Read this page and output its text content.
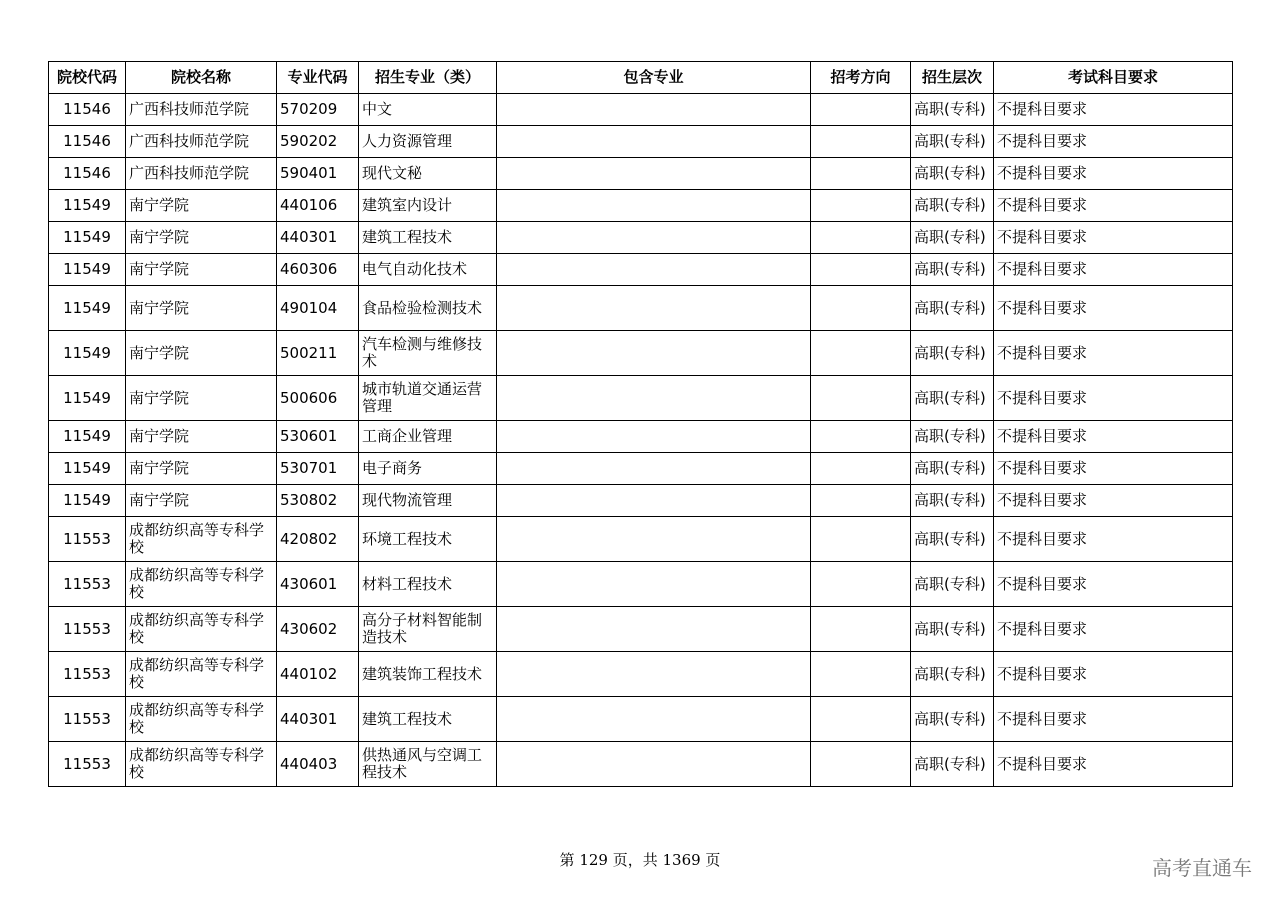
院校代码	院校名称	专业代码	招生专业（类）	包含专业	招考方向	招生层次	考试科目要求
11546	广西科技师范学院	570209	中文			高职(专科)	不提科目要求
11546	广西科技师范学院	590202	人力资源管理			高职(专科)	不提科目要求
11546	广西科技师范学院	590401	现代文秘			高职(专科)	不提科目要求
11549	南宁学院	440106	建筑室内设计			高职(专科)	不提科目要求
11549	南宁学院	440301	建筑工程技术			高职(专科)	不提科目要求
11549	南宁学院	460306	电气自动化技术			高职(专科)	不提科目要求
11549	南宁学院	490104	食品检验检测技术			高职(专科)	不提科目要求
11549	南宁学院	500211	汽车检测与维修技术			高职(专科)	不提科目要求
11549	南宁学院	500606	城市轨道交通运营管理			高职(专科)	不提科目要求
11549	南宁学院	530601	工商企业管理			高职(专科)	不提科目要求
11549	南宁学院	530701	电子商务			高职(专科)	不提科目要求
11549	南宁学院	530802	现代物流管理			高职(专科)	不提科目要求
11553	成都纺织高等专科学校	420802	环境工程技术			高职(专科)	不提科目要求
11553	成都纺织高等专科学校	430601	材料工程技术			高职(专科)	不提科目要求
11553	成都纺织高等专科学校	430602	高分子材料智能制造技术			高职(专科)	不提科目要求
11553	成都纺织高等专科学校	440102	建筑装饰工程技术			高职(专科)	不提科目要求
11553	成都纺织高等专科学校	440301	建筑工程技术			高职(专科)	不提科目要求
11553	成都纺织高等专科学校	440403	供热通风与空调工程技术			高职(专科)	不提科目要求
第 129 页，共 1369 页	高考直通车
